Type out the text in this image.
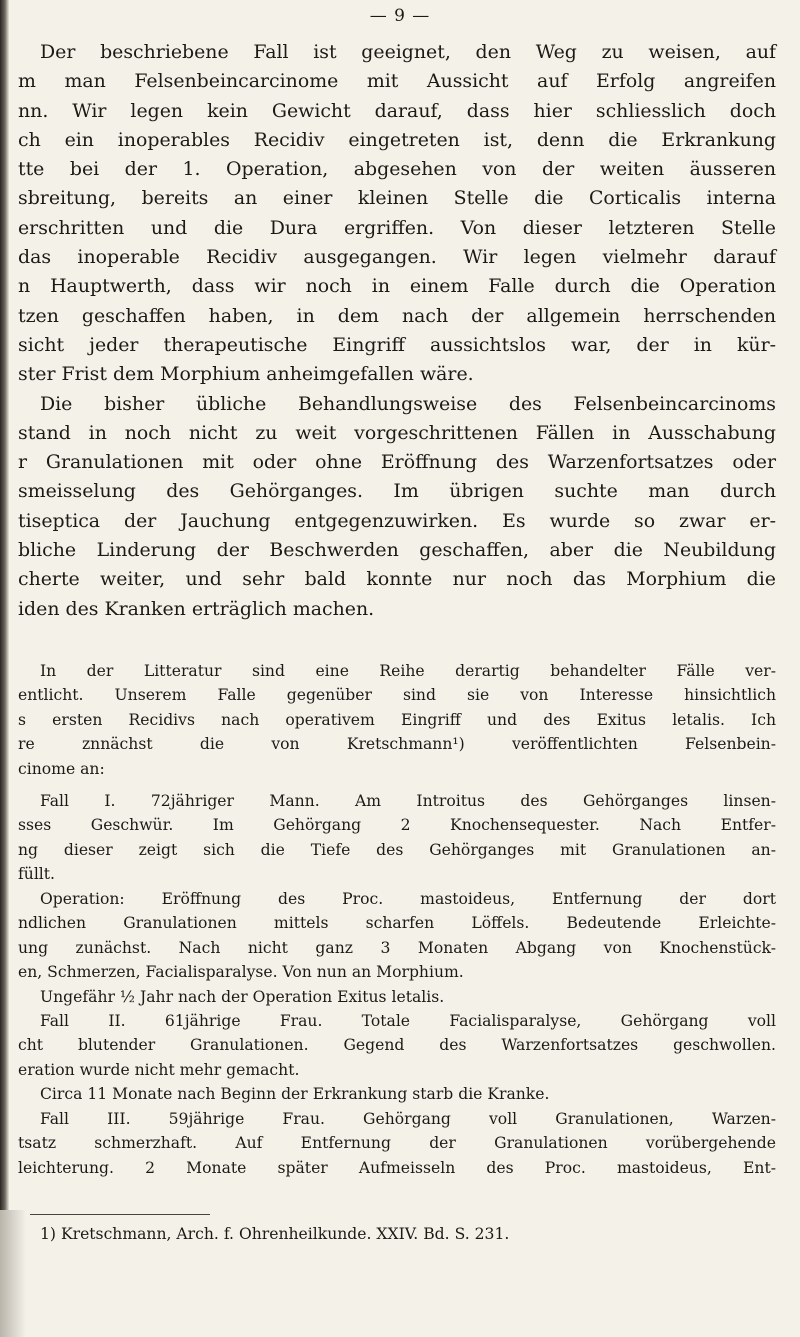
— 9 —
Der beschriebene Fall ist geeignet, den Weg zu weisen, auf
m man Felsenbeincarcinome mit Aussicht auf Erfolg angreifen
nn. Wir legen kein Gewicht darauf, dass hier schliesslich doch
ch ein inoperables Recidiv eingetreten ist, denn die Erkrankung
tte bei der 1. Operation, abgesehen von der weiten äusseren
sbreitung, bereits an einer kleinen Stelle die Corticalis interna
erschritten und die Dura ergriffen. Von dieser letzteren Stelle
das inoperable Recidiv ausgegangen. Wir legen vielmehr darauf
n Hauptwerth, dass wir noch in einem Falle durch die Operation
tzen geschaffen haben, in dem nach der allgemein herrschenden
sicht jeder therapeutische Eingriff aussichtslos war, der in kür-
ster Frist dem Morphium anheimgefallen wäre.
Die bisher übliche Behandlungsweise des Felsenbeincarcinoms
stand in noch nicht zu weit vorgeschrittenen Fällen in Ausschabung
r Granulationen mit oder ohne Eröffnung des Warzenfortsatzes oder
smeisselung des Gehörganges. Im übrigen suchte man durch
tiseptica der Jauchung entgegenzuwirken. Es wurde so zwar er-
bliche Linderung der Beschwerden geschaffen, aber die Neubildung
cherte weiter, und sehr bald konnte nur noch das Morphium die
iden des Kranken erträglich machen.
In der Litteratur sind eine Reihe derartig behandelter Fälle ver-
entlicht. Unserem Falle gegenüber sind sie von Interesse hinsichtlich
s ersten Recidivs nach operativem Eingriff und des Exitus letalis. Ich
re znnächst die von Kretschmann¹) veröffentlichten Felsenbein-
cinome an:
Fall I. 72jähriger Mann. Am Introitus des Gehörganges linsen-
sses Geschwür. Im Gehörgang 2 Knochensequester. Nach Entfer-
ng dieser zeigt sich die Tiefe des Gehörganges mit Granulationen an-
füllt.
Operation: Eröffnung des Proc. mastoideus, Entfernung der dort
ndlichen Granulationen mittels scharfen Löffels. Bedeutende Erleichte-
ung zunächst. Nach nicht ganz 3 Monaten Abgang von Knochenstück-
en, Schmerzen, Facialisparalyse. Von nun an Morphium.
Ungefähr ½ Jahr nach der Operation Exitus letalis.
Fall II. 61jährige Frau. Totale Facialisparalyse, Gehörgang voll
cht blutender Granulationen. Gegend des Warzenfortsatzes geschwollen.
eration wurde nicht mehr gemacht.
Circa 11 Monate nach Beginn der Erkrankung starb die Kranke.
Fall III. 59jährige Frau. Gehörgang voll Granulationen, Warzen-
tsatz schmerzhaft. Auf Entfernung der Granulationen vorübergehende
leichterung. 2 Monate später Aufmeisseln des Proc. mastoideus, Ent-
1) Kretschmann, Arch. f. Ohrenheilkunde. XXIV. Bd. S. 231.
